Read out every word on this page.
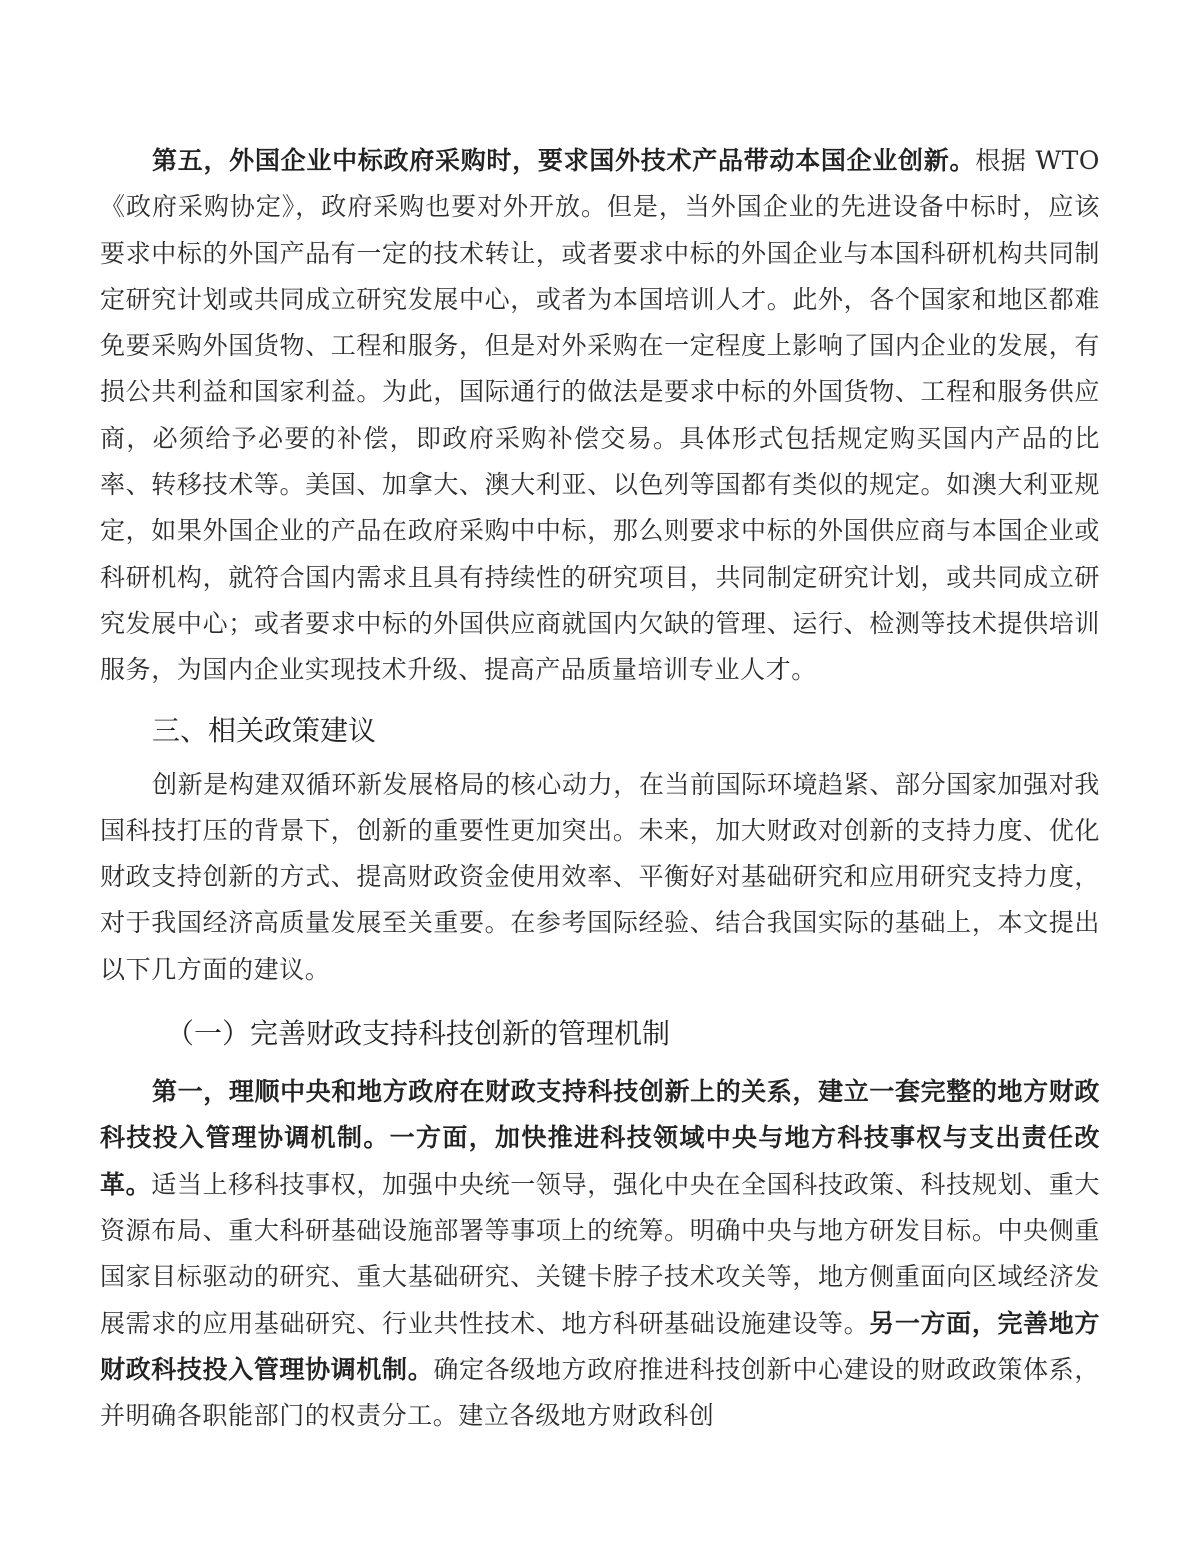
第五，外国企业中标政府采购时，要求国外技术产品带动本国企业创新。根据 WTO《政府采购协定》，政府采购也要对外开放。但是，当外国企业的先进设备中标时，应该要求中标的外国产品有一定的技术转让，或者要求中标的外国企业与本国科研机构共同制定研究计划或共同成立研究发展中心，或者为本国培训人才。此外，各个国家和地区都难免要采购外国货物、工程和服务，但是对外采购在一定程度上影响了国内企业的发展，有损公共利益和国家利益。为此，国际通行的做法是要求中标的外国货物、工程和服务供应商，必须给予必要的补偿，即政府采购补偿交易。具体形式包括规定购买国内产品的比率、转移技术等。美国、加拿大、澳大利亚、以色列等国都有类似的规定。如澳大利亚规定，如果外国企业的产品在政府采购中中标，那么则要求中标的外国供应商与本国企业或科研机构，就符合国内需求且具有持续性的研究项目，共同制定研究计划，或共同成立研究发展中心；或者要求中标的外国供应商就国内欠缺的管理、运行、检测等技术提供培训服务，为国内企业实现技术升级、提高产品质量培训专业人才。

三、相关政策建议

创新是构建双循环新发展格局的核心动力，在当前国际环境趋紧、部分国家加强对我国科技打压的背景下，创新的重要性更加突出。未来，加大财政对创新的支持力度、优化财政支持创新的方式、提高财政资金使用效率、平衡好对基础研究和应用研究支持力度，对于我国经济高质量发展至关重要。在参考国际经验、结合我国实际的基础上，本文提出以下几方面的建议。

（一）完善财政支持科技创新的管理机制

第一，理顺中央和地方政府在财政支持科技创新上的关系，建立一套完整的地方财政科技投入管理协调机制。一方面，加快推进科技领域中央与地方科技事权与支出责任改革。适当上移科技事权，加强中央统一领导，强化中央在全国科技政策、科技规划、重大资源布局、重大科研基础设施部署等事项上的统筹。明确中央与地方研发目标。中央侧重国家目标驱动的研究、重大基础研究、关键卡脖子技术攻关等，地方侧重面向区域经济发展需求的应用基础研究、行业共性技术、地方科研基础设施建设等。另一方面，完善地方财政科技投入管理协调机制。确定各级地方政府推进科技创新中心建设的财政政策体系，并明确各职能部门的权责分工。建立各级地方财政科创
